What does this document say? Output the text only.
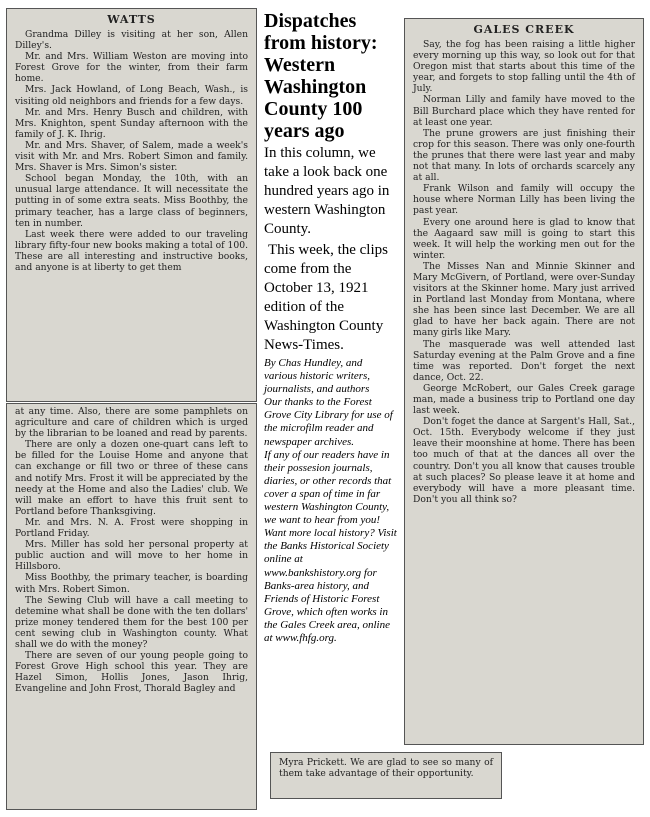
WATTS

Grandma Dilley is visiting at her son, Allen Dilley's.

Mr. and Mrs. William Weston are moving into Forest Grove for the winter, from their farm home.

Mrs. Jack Howland, of Long Beach, Wash., is visiting old neighbors and friends for a few days.

Mr. and Mrs. Henry Busch and children, with Mrs. Knighton, spent Sunday afternoon with the family of J. K. Ihrig.

Mr. and Mrs. Shaver, of Salem, made a week's visit with Mr. and Mrs. Robert Simon and family. Mrs. Shaver is Mrs. Simon's sister.

School began Monday, the 10th, with an unusual large attendance. It will necessitate the putting in of some extra seats. Miss Boothby, the primary teacher, has a large class of beginners, ten in number.

Last week there were added to our traveling library fifty-four new books making a total of 100. These are all interesting and instructive books, and anyone is at liberty to get them

at any time. Also, there are some pamphlets on agriculture and care of children which is urged by the librarian to be loaned and read by parents.

There are only a dozen one-quart cans left to be filled for the Louise Home and anyone that can exchange or fill two or three of these cans and notify Mrs. Frost it will be appreciated by the needy at the Home and also the Ladies' club. We will make an effort to have this fruit sent to Portland before Thanksgiving.

Mr. and Mrs. N. A. Frost were shopping in Portland Friday.

Mrs. Miller has sold her personal property at public auction and will move to her home in Hillsboro.

Miss Boothby, the primary teacher, is boarding with Mrs. Robert Simon.

The Sewing Club will have a call meeting to detemine what shall be done with the ten dollars' prize money tendered them for the best 100 per cent sewing club in Washington county. What shall we do with the money?

There are seven of our young people going to Forest Grove High school this year. They are Hazel Simon, Hollis Jones, Jason Ihrig, Evangeline and John Frost, Thorald Bagley and

Dispatches from history: Western Washington County 100 years ago
In this column, we take a look back one hundred years ago in western Washington County.
This week, the clips come from the October 13, 1921 edition of the Washington County News-Times.

By Chas Hundley, and various historic writers, journalists, and authors

Our thanks to the Forest Grove City Library for use of the microfilm reader and newspaper archives.

If any of our readers have in their possesion journals, diaries, or other records that cover a span of time in far western Washington County, we want to hear from you!

Want more local history? Visit the Banks Historical Society online at www.bankshistory.org for Banks-area history, and Friends of Historic Forest Grove, which often works in the Gales Creek area, online at www.fhfg.org.

GALES CREEK

Say, the fog has been raising a little higher every morning up this way, so look out for that Oregon mist that starts about this time of the year, and forgets to stop falling until the 4th of July.

Norman Lilly and family have moved to the Bill Burchard place which they have rented for at least one year.

The prune growers are just finishing their crop for this season. There was only one-fourth the prunes that there were last year and maby not that many. In lots of orchards scarcely any at all.

Frank Wilson and family will occupy the house where Norman Lilly has been living the past year.

Every one around here is glad to know that the Aagaard saw mill is going to start this week. It will help the working men out for the winter.

The Misses Nan and Minnie Skinner and Mary McGivern, of Portland, were over-Sunday visitors at the Skinner home. Mary just arrived in Portland last Monday from Montana, where she has been since last December. We are all glad to have her back again. There are not many girls like Mary.

The masquerade was well attended last Saturday evening at the Palm Grove and a fine time was reported. Don't forget the next dance, Oct. 22.

George McRobert, our Gales Creek garage man, made a business trip to Portland one day last week.

Don't foget the dance at Sargent's Hall, Sat., Oct. 15th. Everybody welcome if they just leave their moonshine at home. There has been too much of that at the dances all over the country. Don't you all know that causes trouble at such places? So please leave it at home and everybody will have a more pleasant time. Don't you all think so?

Myra Prickett. We are glad to see so many of them take advantage of their opportunity.
